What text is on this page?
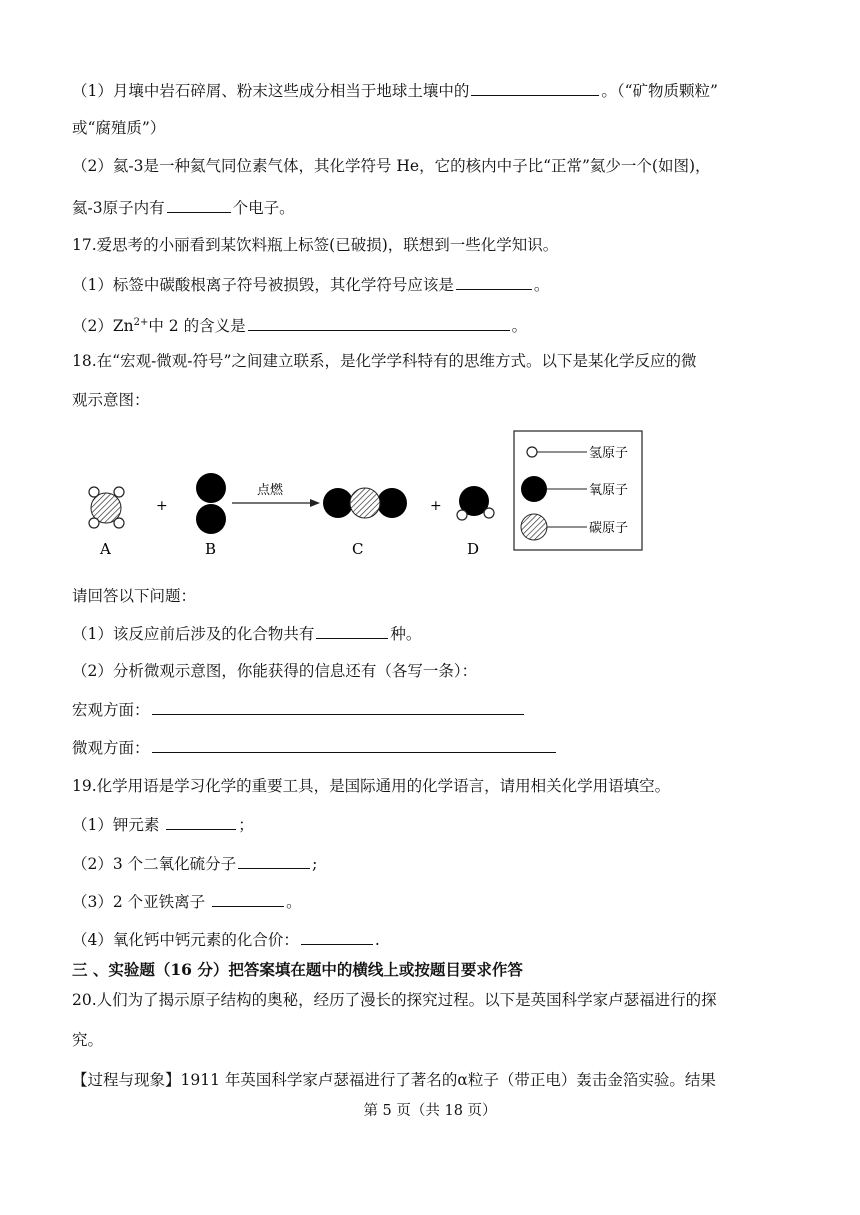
（1）月壤中岩石碎屑、粉末这些成分相当于地球土壤中的	。（“矿物质颗粒”
或“腐殖质”）
（2）氦-3是一种氦气同位素气体，其化学符号 He，它的核内中子比“正常”氦少一个(如图)，
氦-3原子内有	个电子。
17.爱思考的小丽看到某饮料瓶上标签(已破损)，联想到一些化学知识。
（1）标签中碳酸根离子符号被损毁，其化学符号应该是	。
$(2)Zn^{2+}$中 2 的含义是	。
18.在“宏观-微观-符号”之间建立联系，是化学学科特有的思维方式。以下是某化学反应的微
观示意图：
A
+
B
点燃
C
+
D
氢原子
氧原子
碳原子
请回答以下问题：
（1）该反应前后涉及的化合物共有	种。
（2）分析微观示意图，你能获得的信息还有（各写一条）：
宏观方面：
微观方面：
19.化学用语是学习化学的重要工具，是国际通用的化学语言，请用相关化学用语填空。
（1）钾元素	；
（2）3 个二氧化硫分子	;
（3）2 个亚铁离子	。
（4）氧化钙中钙元素的化合价：	.
三 、实验题（16 分）把答案填在题中的横线上或按题目要求作答
20.人们为了揭示原子结构的奥秘，经历了漫长的探究过程。以下是英国科学家卢瑟福进行的探
究。
【过程与现象】1911 年英国科学家卢瑟福进行了著名的α粒子（带正电）轰击金箔实验。结果
第 5 页（共 18 页）
